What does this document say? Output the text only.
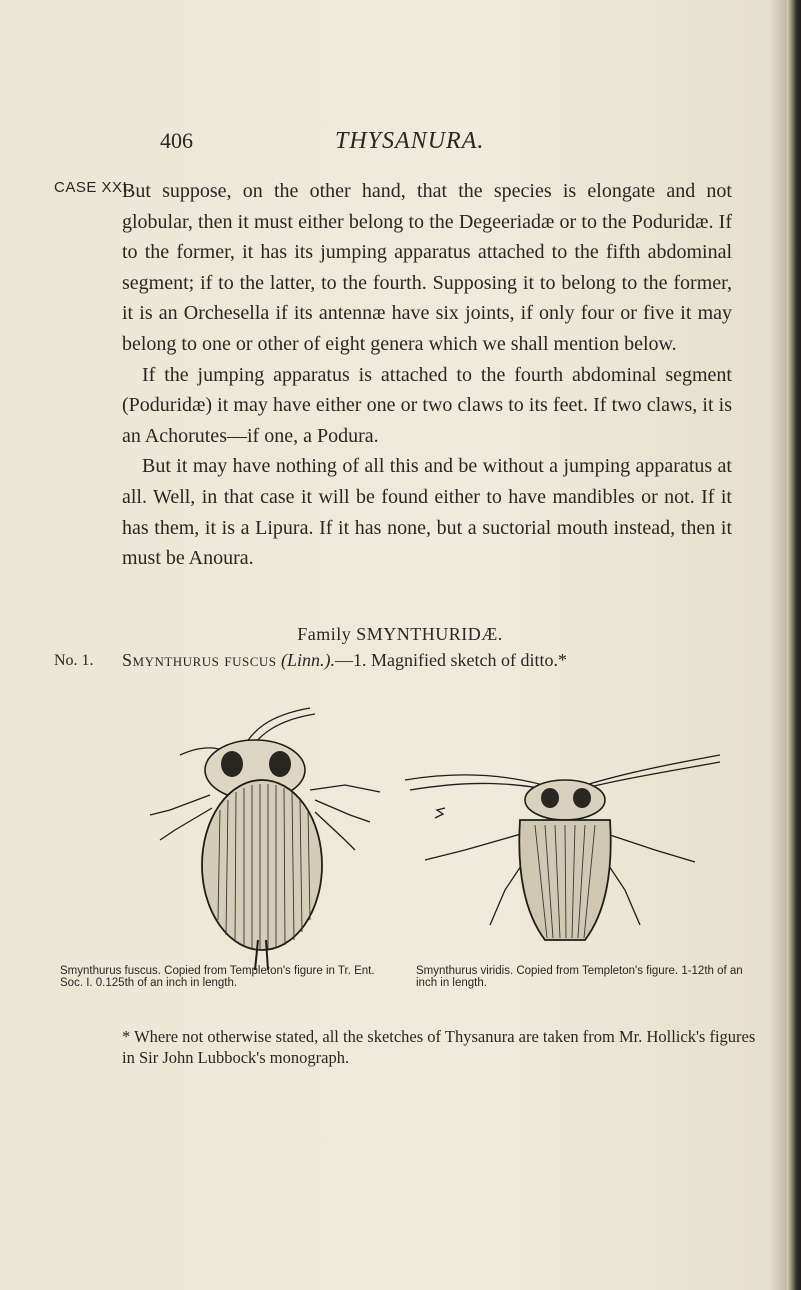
406	THYSANURA.
CASE XXI.

But suppose, on the other hand, that the species is elongate and not globular, then it must either belong to the Degeeriadæ or to the Poduridæ. If to the former, it has its jumping apparatus attached to the fifth abdominal segment; if to the latter, to the fourth. Supposing it to belong to the former, it is an Orchesella if its antennæ have six joints, if only four or five it may belong to one or other of eight genera which we shall mention below.

If the jumping apparatus is attached to the fourth abdominal segment (Poduridæ) it may have either one or two claws to its feet. If two claws, it is an Achorutes—if one, a Podura.

But it may have nothing of all this and be without a jumping apparatus at all. Well, in that case it will be found either to have mandibles or not. If it has them, it is a Lipura. If it has none, but a suctorial mouth instead, then it must be Anoura.

Family SMYNTHURIDÆ.
No. 1. Smynthurus fuscus (Linn.).—1. Magnified sketch of ditto.*
Smynthurus fuscus. Copied from Templeton's figure in Tr. Ent. Soc. I. 0.125th of an inch in length.
Smynthurus viridis. Copied from Templeton's figure. 1-12th of an inch in length.
* Where not otherwise stated, all the sketches of Thysanura are taken from Mr. Hollick's figures in Sir John Lubbock's monograph.
